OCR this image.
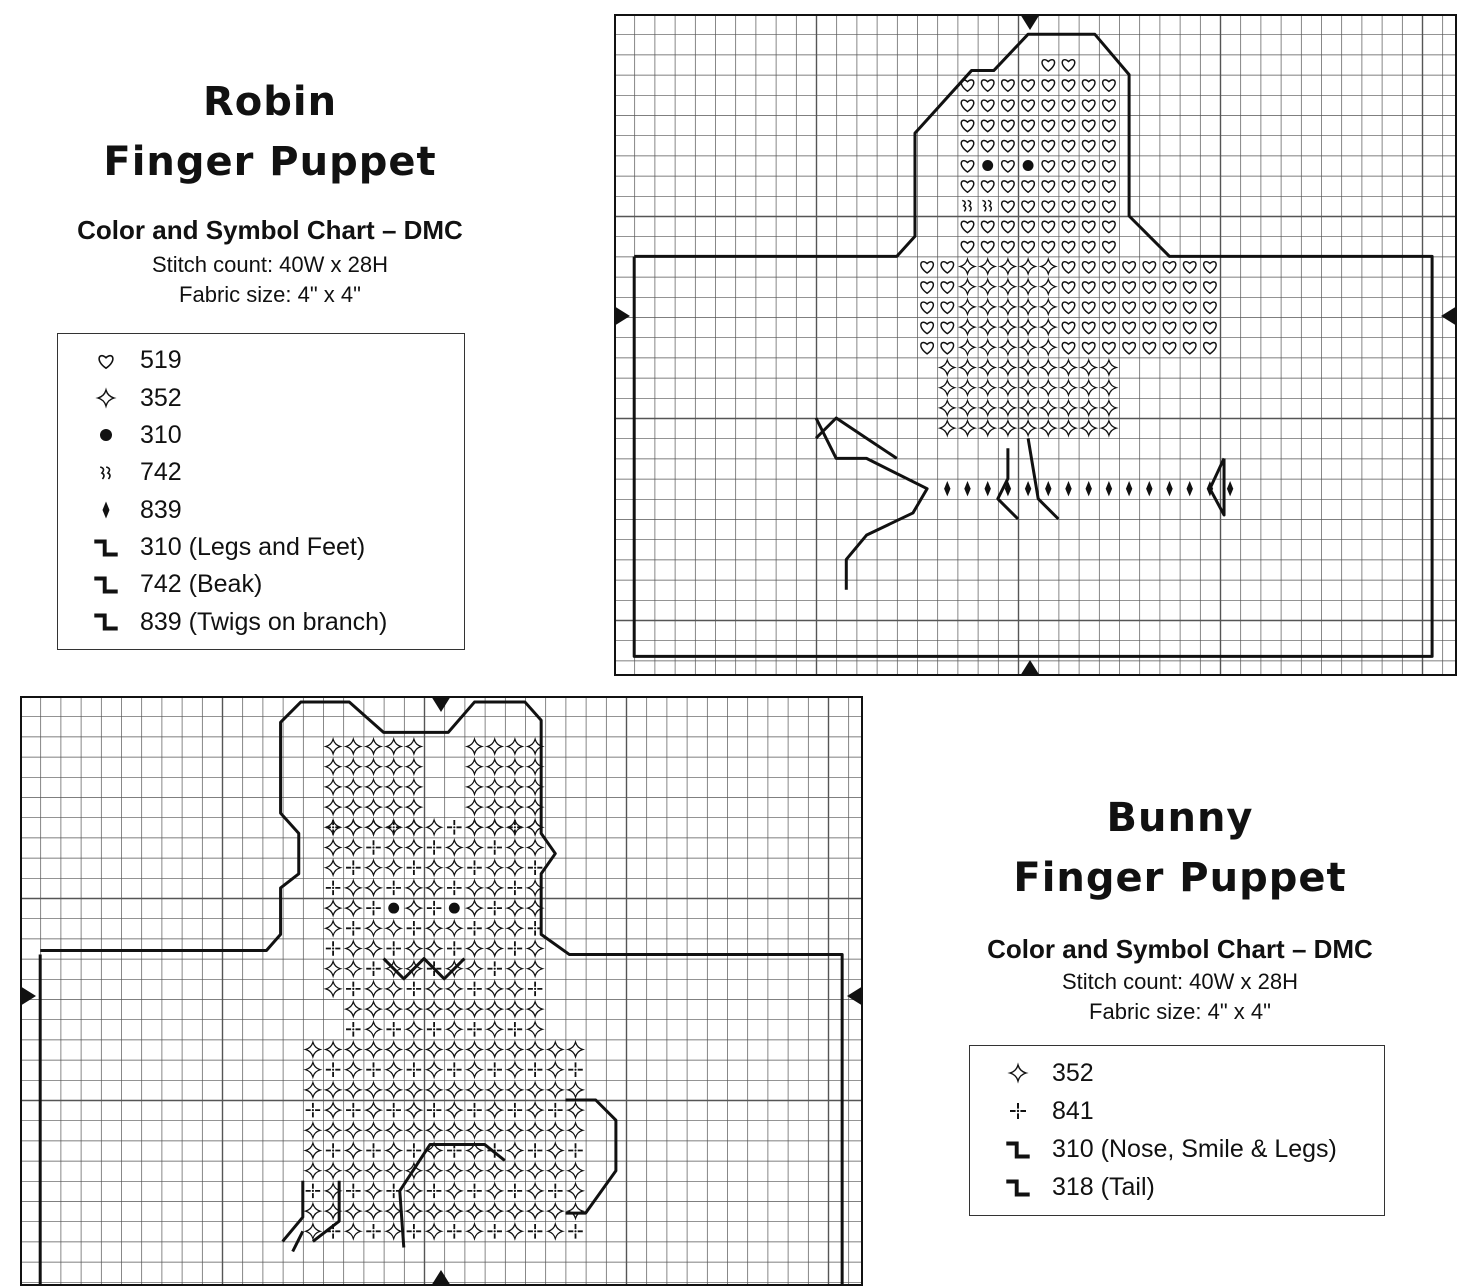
Robin
Finger Puppet
Color and Symbol Chart – DMC
Stitch count: 40W x 28H
Fabric size: 4" x 4"
519
352
310
742
839
310 (Legs and Feet)
742 (Beak)
839 (Twigs on branch)
Bunny
Finger Puppet
Color and Symbol Chart – DMC
Stitch count: 40W x 28H
Fabric size: 4" x 4"
352
841
310 (Nose, Smile & Legs)
318 (Tail)
